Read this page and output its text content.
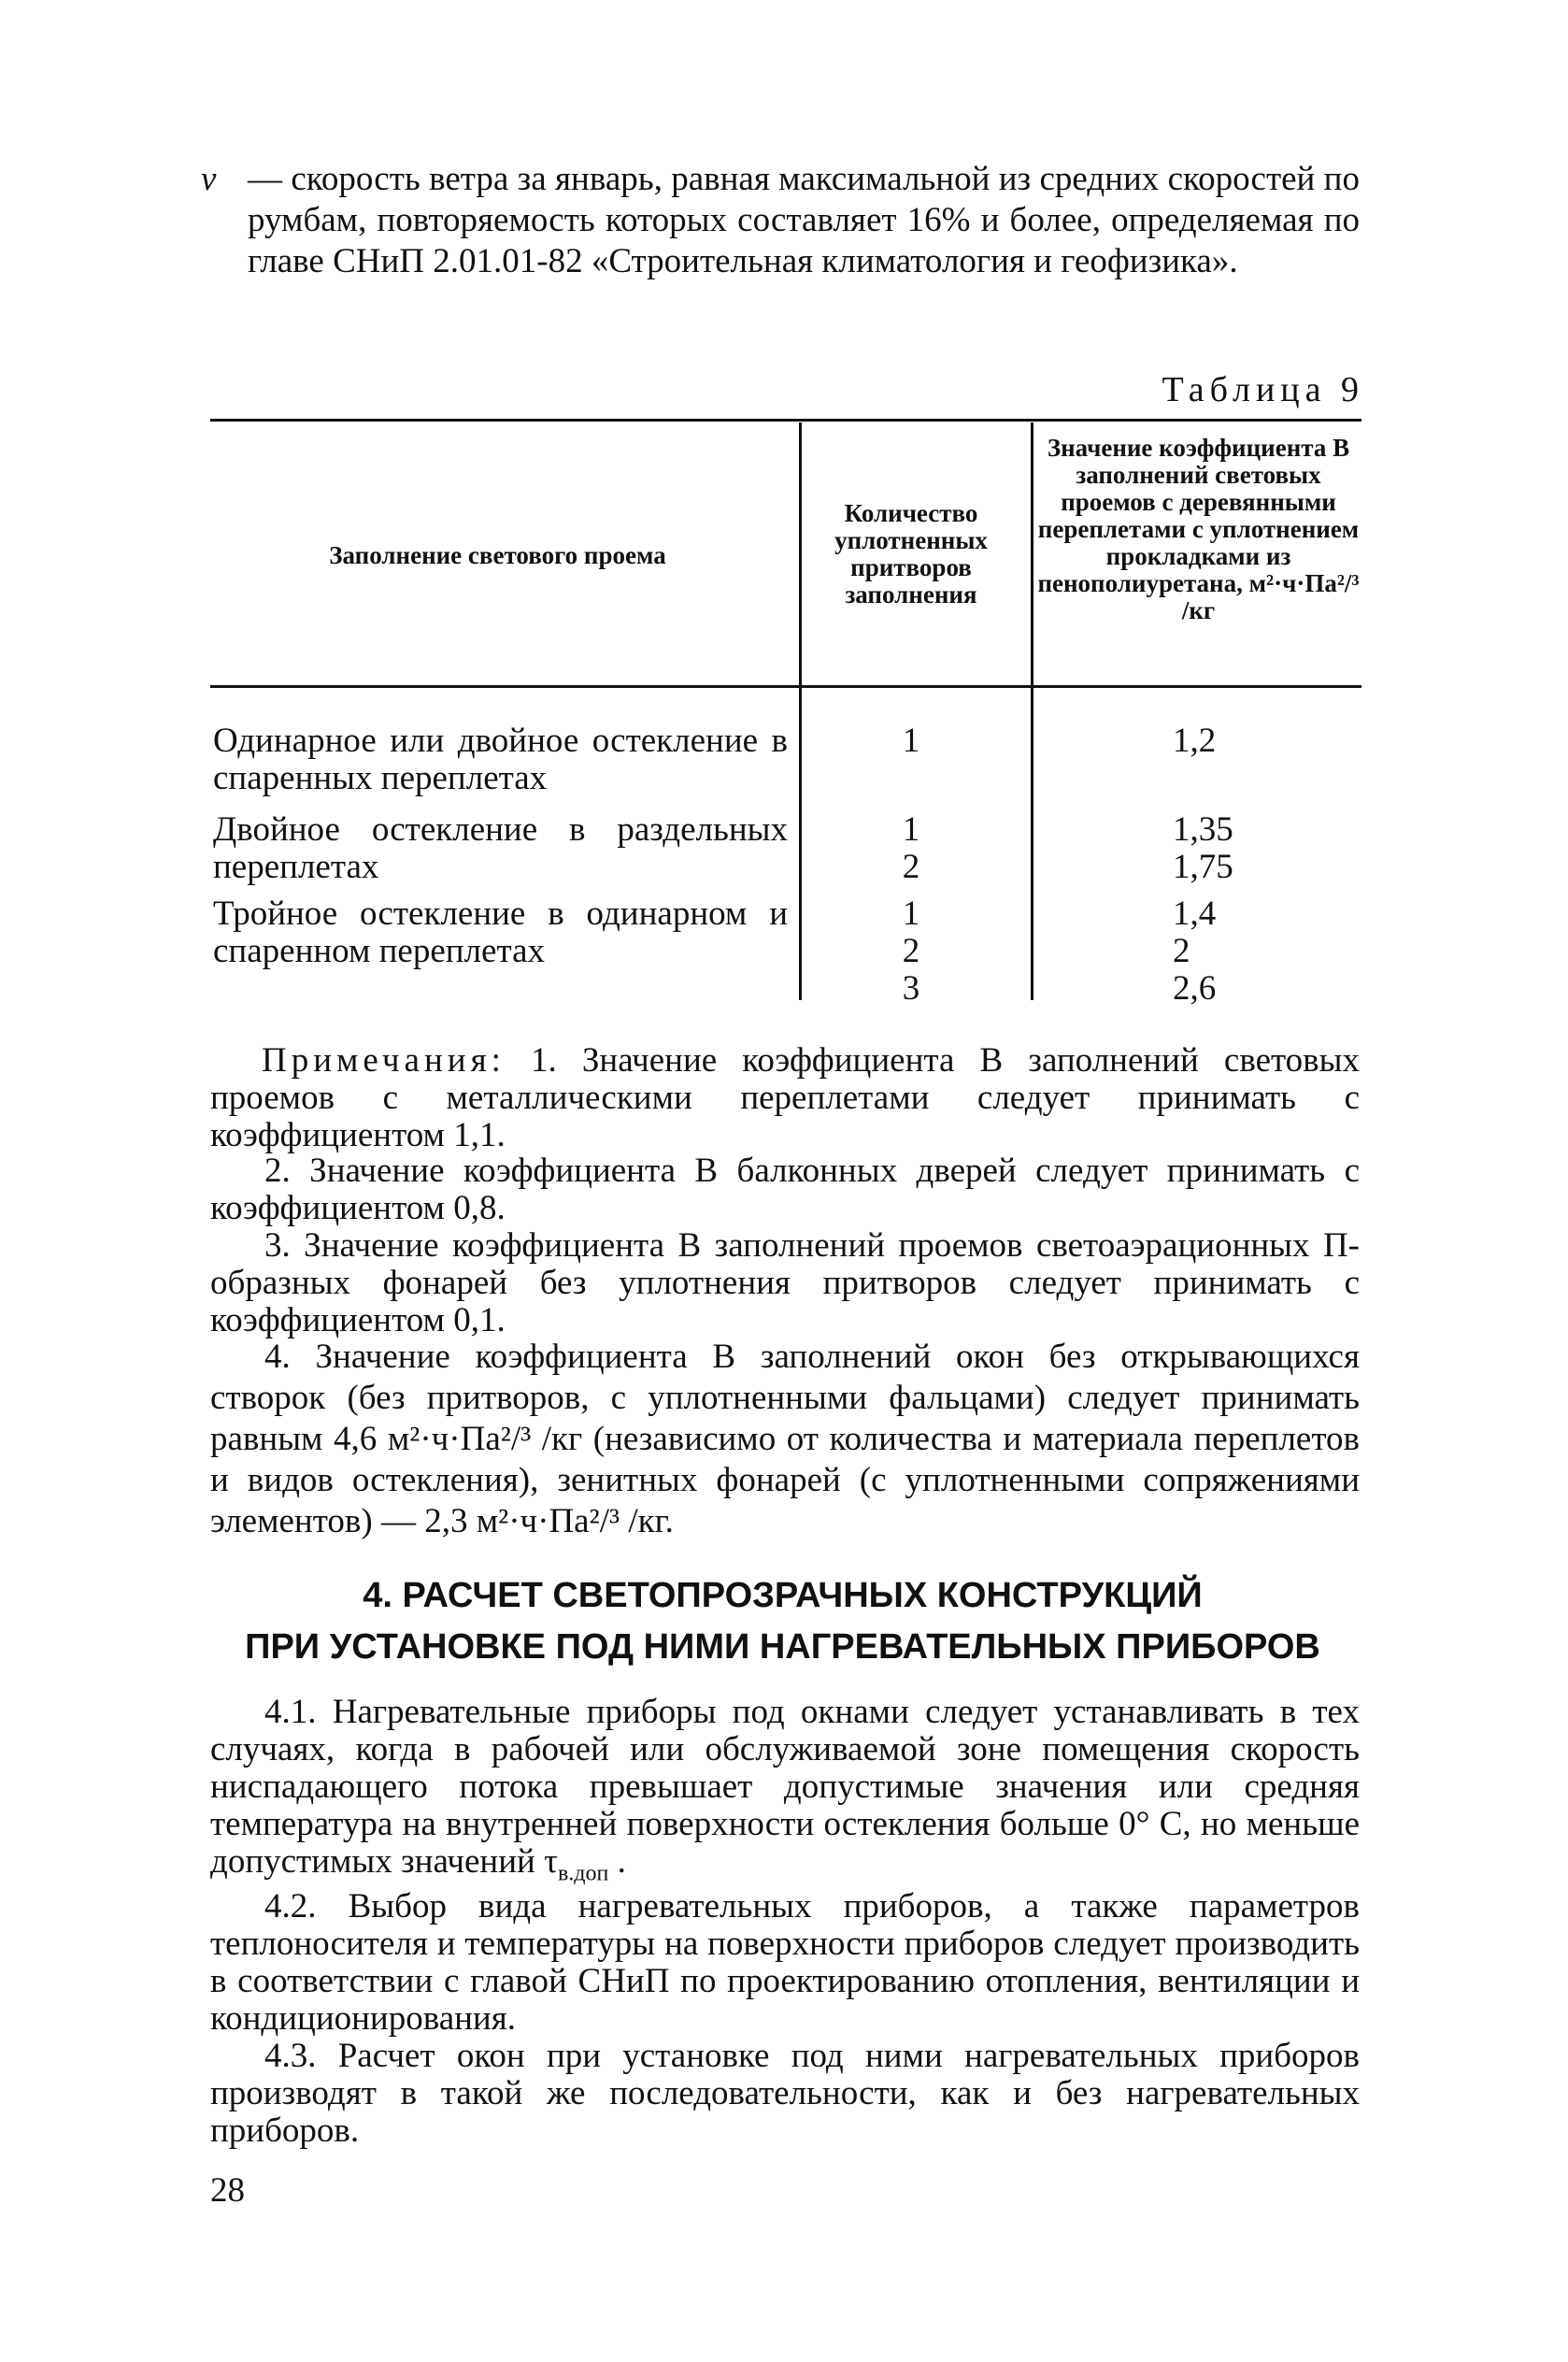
v — скорость ветра за январь, равная максимальной из средних скоростей по румбам, повторяемость которых составляет 16% и более, определяемая по главе СНиП 2.01.01-82 «Строительная климатология и геофизика».
Таблица 9
Заполнение светового проема
Количество уплотненных притворов заполнения
Значение коэффициента B заполнений световых проемов с деревянными переплетами с уплотнением прокладками из пенополиуретана, м²·ч·Па²/³ /кг
Одинарное или двойное остекление в спаренных переплетах
1	1,2
Двойное остекление в раздельных переплетах
1
2
1,35
1,75
Тройное остекление в одинарном и спаренном переплетах
1
2
3
1,4
2
2,6
Примечания: 1. Значение коэффициента B заполнений световых проемов с металлическими переплетами следует принимать с коэффициентом 1,1.
2. Значение коэффициента B балконных дверей следует принимать с коэффициентом 0,8.
3. Значение коэффициента B заполнений проемов светоаэрационных П-образных фонарей без уплотнения притворов следует принимать с коэффициентом 0,1.
4. Значение коэффициента B заполнений окон без открывающихся створок (без притворов, с уплотненными фальцами) следует принимать равным 4,6 м²·ч·Па²/³ /кг (независимо от количества и материала переплетов и видов остекления), зенитных фонарей (с уплотненными сопряжениями элементов) — 2,3 м²·ч·Па²/³ /кг.
4. РАСЧЕТ СВЕТОПРОЗРАЧНЫХ КОНСТРУКЦИЙ
ПРИ УСТАНОВКЕ ПОД НИМИ НАГРЕВАТЕЛЬНЫХ ПРИБОРОВ
4.1. Нагревательные приборы под окнами следует устанавливать в тех случаях, когда в рабочей или обслуживаемой зоне помещения скорость ниспадающего потока превышает допустимые значения или средняя температура на внутренней поверхности остекления больше 0° С, но меньше допустимых значений $\tau_{в.доп}$ .
4.2. Выбор вида нагревательных приборов, а также параметров теплоносителя и температуры на поверхности приборов следует производить в соответствии с главой СНиП по проектированию отопления, вентиляции и кондиционирования.
4.3. Расчет окон при установке под ними нагревательных приборов производят в такой же последовательности, как и без нагревательных приборов.
28
